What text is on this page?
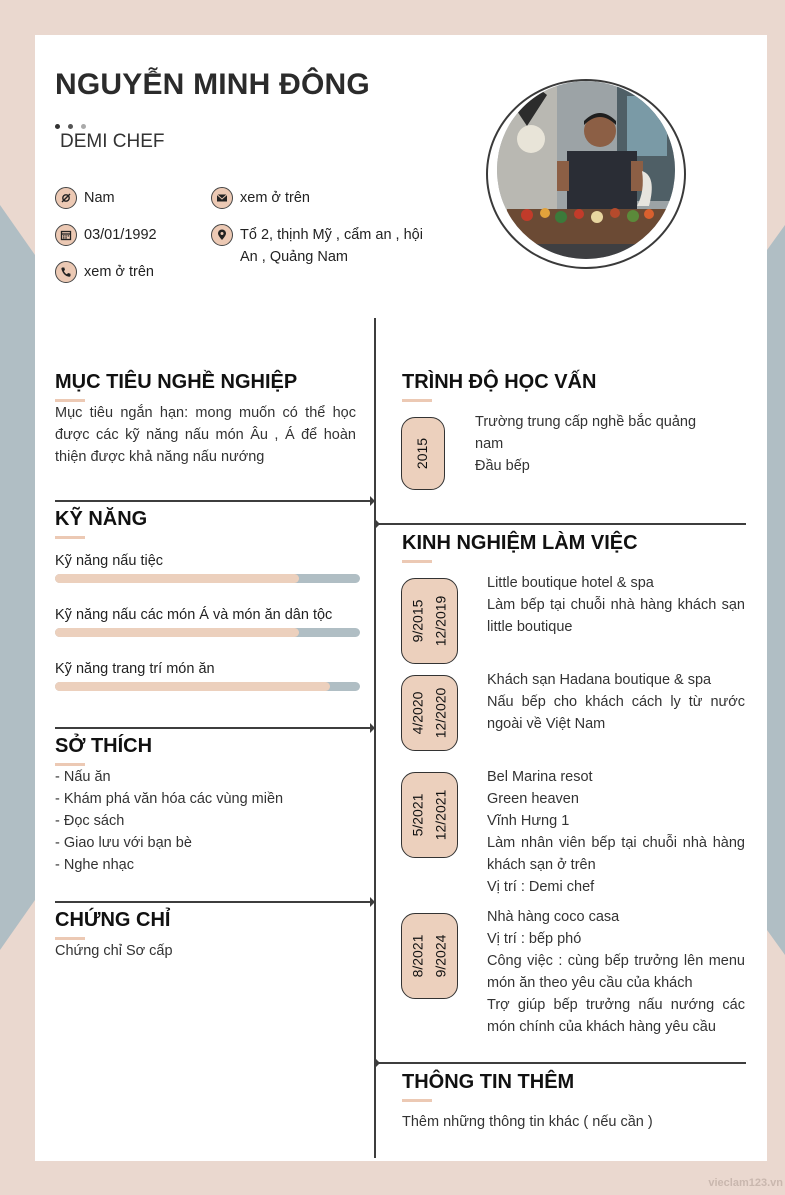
NGUYỄN MINH ĐÔNG
DEMI CHEF
Nam
03/01/1992
xem ở trên
xem ở trên
Tổ 2, thịnh Mỹ , cẩm an , hội
An , Quảng Nam
MỤC TIÊU NGHỀ NGHIỆP
Mục tiêu ngắn hạn: mong muốn có thể học
được các kỹ năng nấu món Âu , Á để hoàn
thiện được khả năng nấu nướng
KỸ NĂNG
Kỹ năng nấu tiệc
Kỹ năng nấu các món Á và món ăn dân tộc
Kỹ năng trang trí món ăn
SỞ THÍCH
- Nấu ăn
- Khám phá văn hóa các vùng miền
- Đọc sách
- Giao lưu với bạn bè
- Nghe nhạc
CHỨNG CHỈ
Chứng chỉ Sơ cấp
TRÌNH ĐỘ HỌC VẤN
2015
Trường trung cấp nghề bắc quảng
nam
Đầu bếp
KINH NGHIỆM LÀM VIỆC
9/2015 12/2019
Little boutique hotel & spa
Làm bếp tại chuỗi nhà hàng khách sạn
little boutique
4/2020 12/2020
Khách sạn Hadana boutique & spa
Nấu bếp cho khách cách ly từ nước
ngoài về Việt Nam
5/2021 12/2021
Bel Marina resot
Green heaven
Vĩnh Hưng 1
Làm nhân viên bếp tại chuỗi nhà hàng
khách sạn ở trên
Vị trí : Demi chef
8/2021 9/2024
Nhà hàng coco casa
Vị trí : bếp phó
Công việc : cùng bếp trưởng lên menu
món ăn theo yêu cầu của khách
Trợ giúp bếp trưởng nấu nướng các
món chính của khách hàng yêu cầu
THÔNG TIN THÊM
Thêm những thông tin khác ( nếu cần )
vieclam123.vn
